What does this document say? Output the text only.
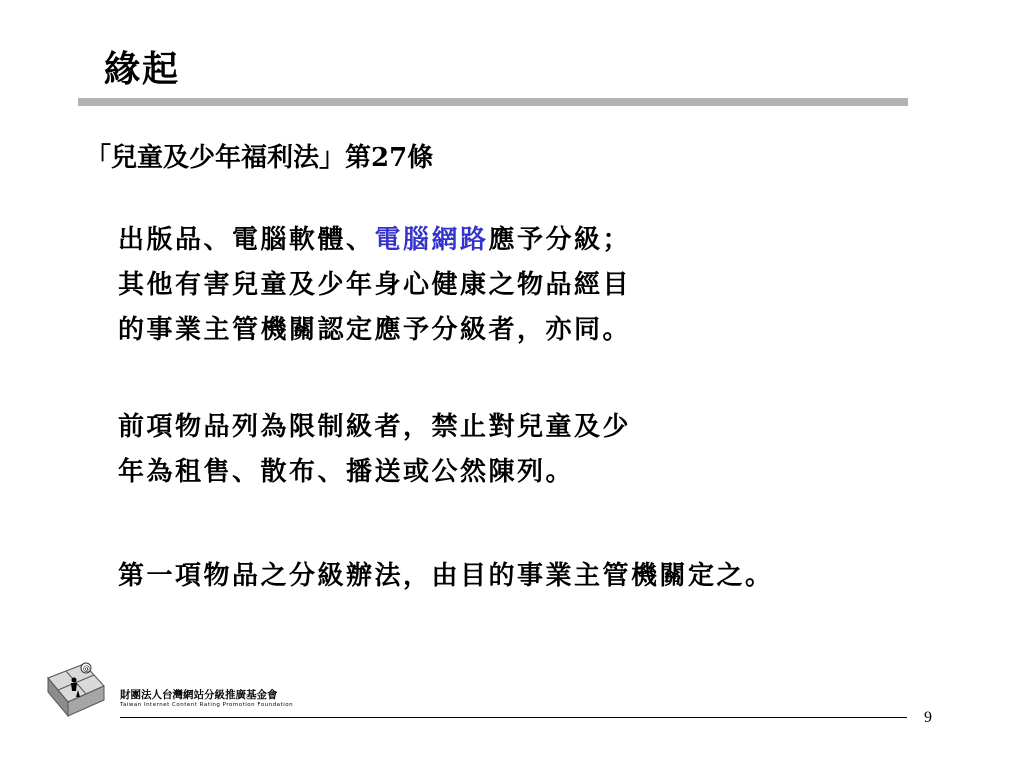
緣起
「兒童及少年福利法」第27條
出版品、電腦軟體、電腦網路應予分級；
其他有害兒童及少年身心健康之物品經目
的事業主管機關認定應予分級者，亦同。
前項物品列為限制級者，禁止對兒童及少
年為租售、散布、播送或公然陳列。
第一項物品之分級辦法，由目的事業主管機關定之。
@
財團法人台灣網站分級推廣基金會
Taiwan Internet Content Rating Promotion Foundation
9
